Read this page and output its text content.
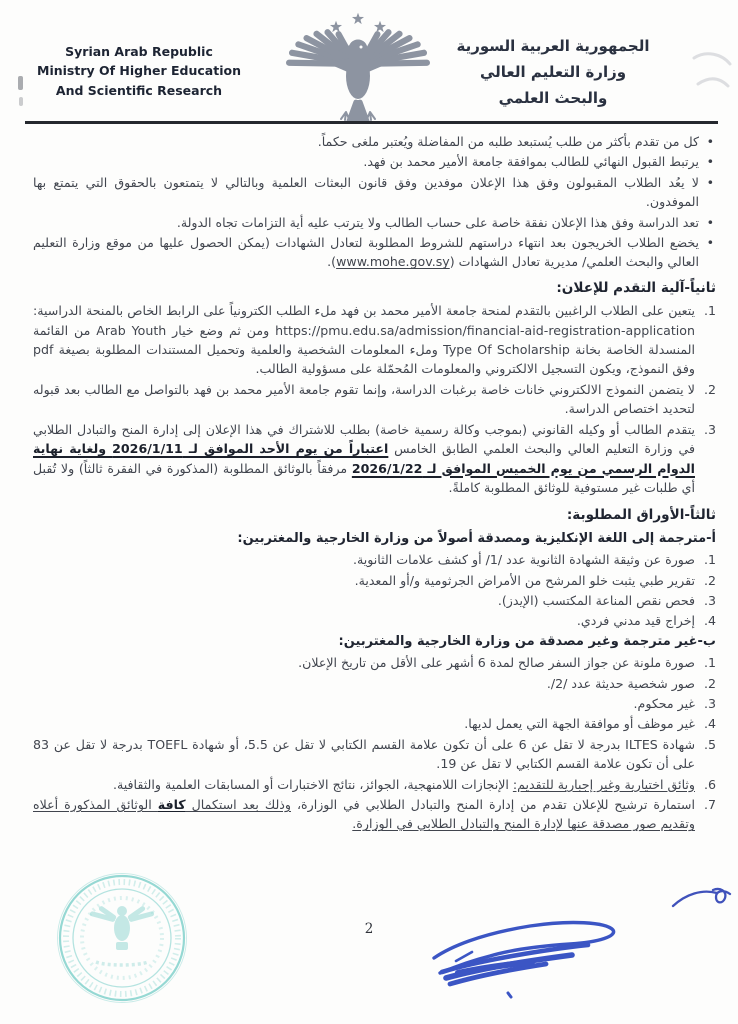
Syrian Arab Republic
Ministry Of Higher Education
And Scientific Research
الجمهورية العربية السورية
وزارة التعليم العالي
والبحث العلمي
•
كل من تقدم بأكثر من طلب يُستبعد طلبه من المفاضلة ويُعتبر ملغى حكماً.
•
يرتبط القبول النهائي للطالب بموافقة جامعة الأمير محمد بن فهد.
•
لا يعُد الطلاب المقبولون وفق هذا الإعلان موفدين وفق قانون البعثات العلمية وبالتالي لا يتمتعون بالحقوق التي يتمتع بها الموفدون.
•
تعد الدراسة وفق هذا الإعلان نفقة خاصة على حساب الطالب ولا يترتب عليه أية التزامات تجاه الدولة.
•
يخضع الطلاب الخريجون بعد انتهاء دراستهم للشروط المطلوبة لتعادل الشهادات (يمكن الحصول عليها من موقع وزارة التعليم العالي والبحث العلمي/ مديرية تعادل الشهادات (www.mohe.gov.sy).
ثانياً-آلية التقدم للإعلان:
1.
يتعين على الطلاب الراغبين بالتقدم لمنحة جامعة الأمير محمد بن فهد ملء الطلب الكترونياً على الرابط الخاص بالمنحة الدراسية: https://pmu.edu.sa/admission/financial-aid-registration-application ومن ثم وضع خيار Arab Youth من القائمة المنسدلة الخاصة بخانة Type Of Scholarship وملء المعلومات الشخصية والعلمية وتحميل المستندات المطلوبة بصيغة pdf وفق النموذج، ويكون التسجيل الالكتروني والمعلومات المُحمّلة على مسؤولية الطالب.
2.
لا يتضمن النموذج الالكتروني خانات خاصة برغبات الدراسة، وإنما تقوم جامعة الأمير محمد بن فهد بالتواصل مع الطالب بعد قبوله لتحديد اختصاص الدراسة.
3.
يتقدم الطالب أو وكيله القانوني (بموجب وكالة رسمية خاصة) بطلب للاشتراك في هذا الإعلان إلى إدارة المنح والتبادل الطلابي في وزارة التعليم العالي والبحث العلمي الطابق الخامس اعتباراً من يوم الأحد الموافق لـ 2026/1/11 ولغاية نهاية الدوام الرسمي من يوم الخميس الموافق لـ 2026/1/22 مرفقاً بالوثائق المطلوبة (المذكورة في الفقرة ثالثاً) ولا تُقبل أي طلبات غير مستوفية للوثائق المطلوبة كاملةً.
ثالثاً-الأوراق المطلوبة:
أ-مترجمة إلى اللغة الإنكليزية ومصدقة أصولاً من وزارة الخارجية والمغتربين:
1.
صورة عن وثيقة الشهادة الثانوية عدد /1/ أو كشف علامات الثانوية.
2.
تقرير طبي يثبت خلو المرشح من الأمراض الجرثومية و/أو المعدية.
3.
فحص نقص المناعة المكتسب (الإيدز).
4.
إخراج قيد مدني فردي.
ب-غير مترجمة وغير مصدقة من وزارة الخارجية والمغتربين:
1.
صورة ملونة عن جواز السفر صالح لمدة 6 أشهر على الأقل من تاريخ الإعلان.
2.
صور شخصية حديثة عدد /2/.
3.
غير محكوم.
4.
غير موظف أو موافقة الجهة التي يعمل لديها.
5.
شهادة ILTES بدرجة لا تقل عن 6 على أن تكون علامة القسم الكتابي لا تقل عن 5.5، أو شهادة TOEFL بدرجة لا تقل عن 83 على أن تكون علامة القسم الكتابي لا تقل عن 19.
6.
وثائق اختيارية وغير إجبارية للتقديم: الإنجازات اللامنهجية، الجوائز، نتائج الاختبارات أو المسابقات العلمية والثقافية.
7.
استمارة ترشيح للإعلان تقدم من إدارة المنح والتبادل الطلابي في الوزارة، وذلك بعد استكمال كافة الوثائق المذكورة أعلاه وتقديم صور مصدقة عنها لإدارة المنح والتبادل الطلابي في الوزارة.
2
